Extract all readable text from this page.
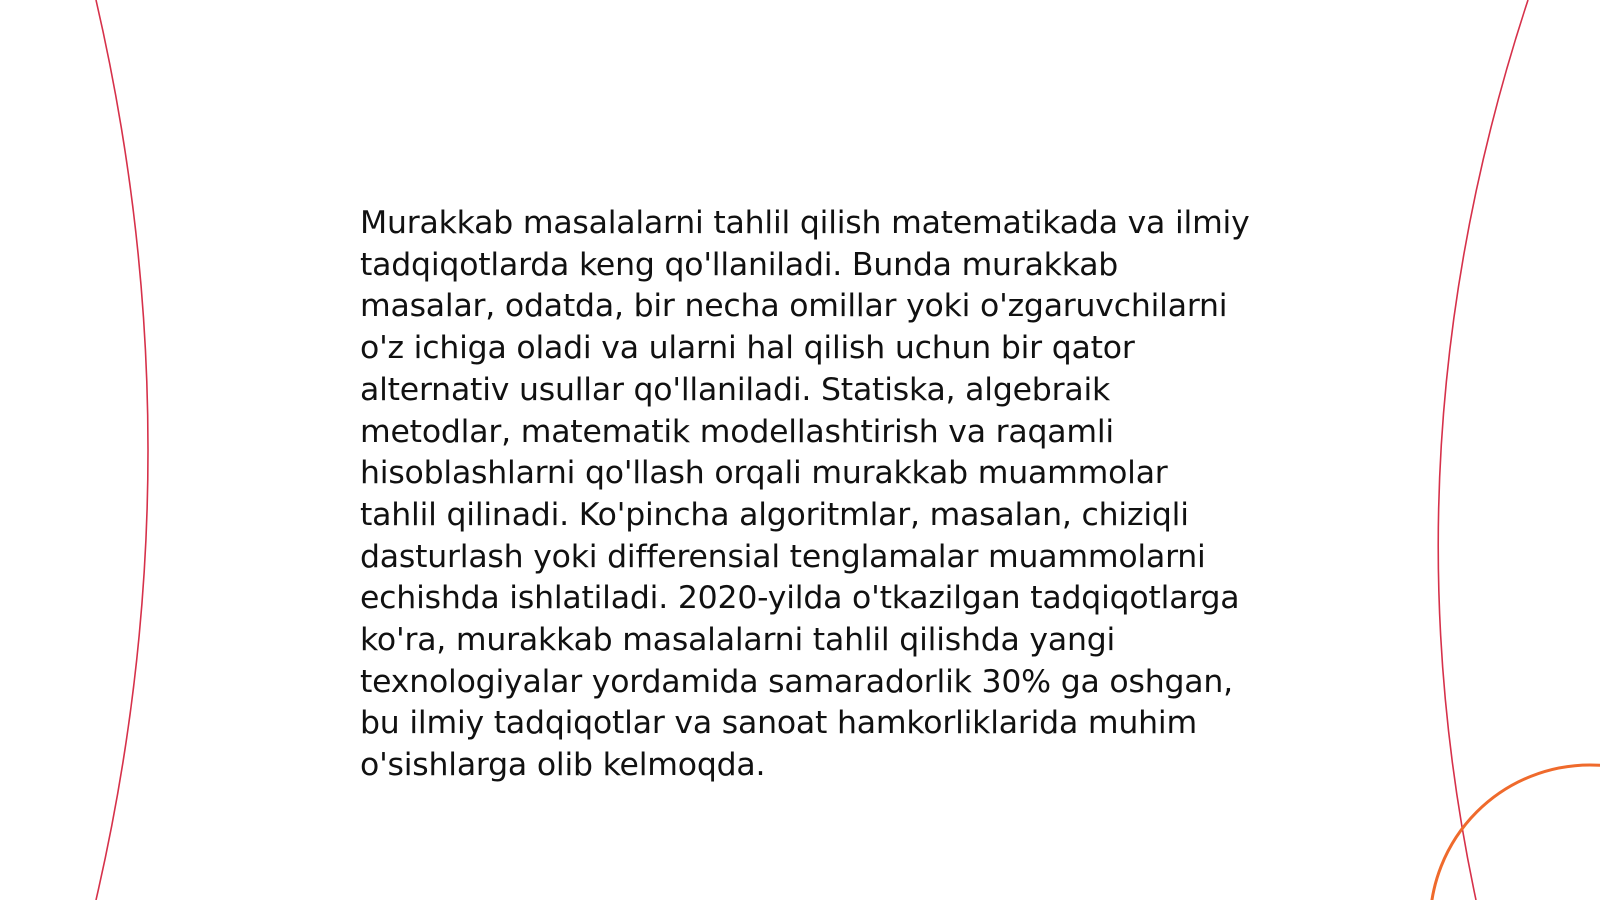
Murakkab masalalarni tahlil qilish matematikada va ilmiy tadqiqotlarda keng qo'llaniladi. Bunda murakkab masalar, odatda, bir necha omillar yoki o'zgaruvchilarni o'z ichiga oladi va ularni hal qilish uchun bir qator alternativ usullar qo'llaniladi. Statiska, algebraik metodlar, matematik modellashtirish va raqamli hisoblashlarni qo'llash orqali murakkab muammolar tahlil qilinadi. Ko'pincha algoritmlar, masalan, chiziqli dasturlash yoki differensial tenglamalar muammolarni echishda ishlatiladi. 2020-yilda o'tkazilgan tadqiqotlarga ko'ra, murakkab masalalarni tahlil qilishda yangi texnologiyalar yordamida samaradorlik 30% ga oshgan, bu ilmiy tadqiqotlar va sanoat hamkorliklarida muhim o'sishlarga olib kelmoqda.
